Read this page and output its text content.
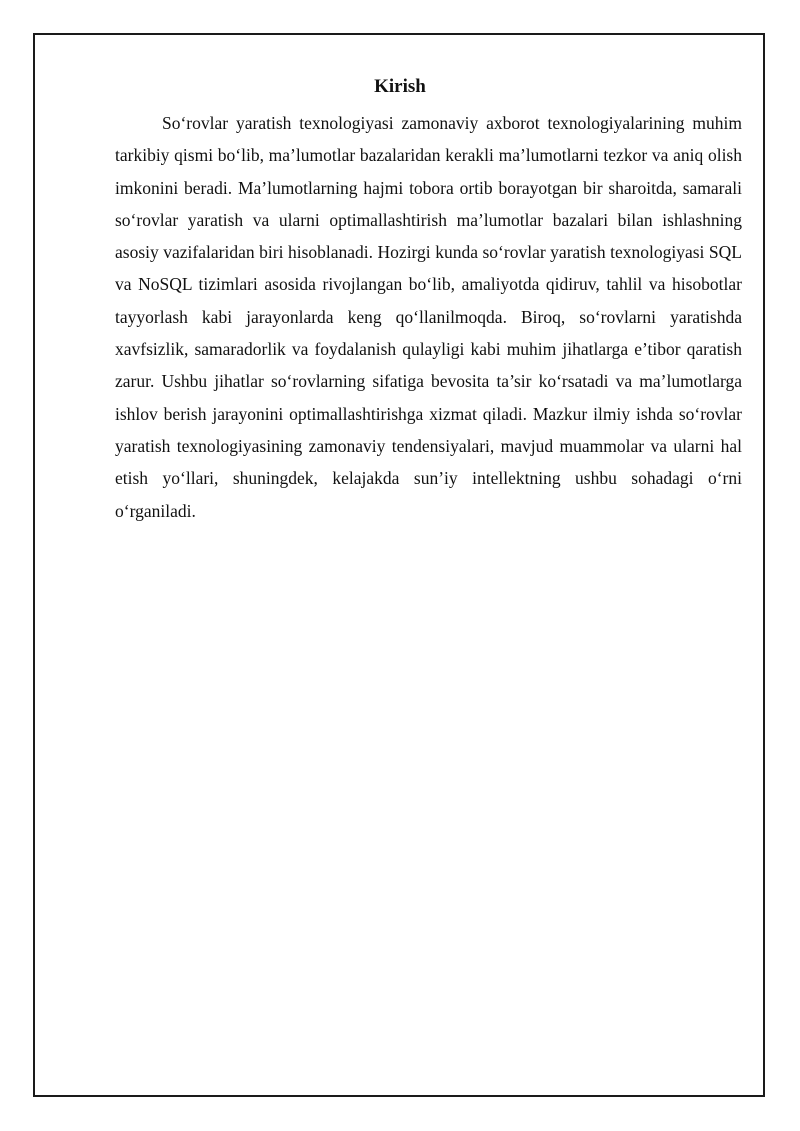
Kirish

So‘rovlar yaratish texnologiyasi zamonaviy axborot texnologiyalarining muhim tarkibiy qismi bo‘lib, ma’lumotlar bazalaridan kerakli ma’lumotlarni tezkor va aniq olish imkonini beradi. Ma’lumotlarning hajmi tobora ortib borayotgan bir sharoitda, samarali so‘rovlar yaratish va ularni optimallashtirish ma’lumotlar bazalari bilan ishlashning asosiy vazifalaridan biri hisoblanadi. Hozirgi kunda so‘rovlar yaratish texnologiyasi SQL va NoSQL tizimlari asosida rivojlangan bo‘lib, amaliyotda qidiruv, tahlil va hisobotlar tayyorlash kabi jarayonlarda keng qo‘llanilmoqda. Biroq, so‘rovlarni yaratishda xavfsizlik, samaradorlik va foydalanish qulayligi kabi muhim jihatlarga e’tibor qaratish zarur. Ushbu jihatlar so‘rovlarning sifatiga bevosita ta’sir ko‘rsatadi va ma’lumotlarga ishlov berish jarayonini optimallashtirishga xizmat qiladi. Mazkur ilmiy ishda so‘rovlar yaratish texnologiyasining zamonaviy tendensiyalari, mavjud muammolar va ularni hal etish yo‘llari, shuningdek, kelajakda sun’iy intellektning ushbu sohadagi o‘rni o‘rganiladi.
